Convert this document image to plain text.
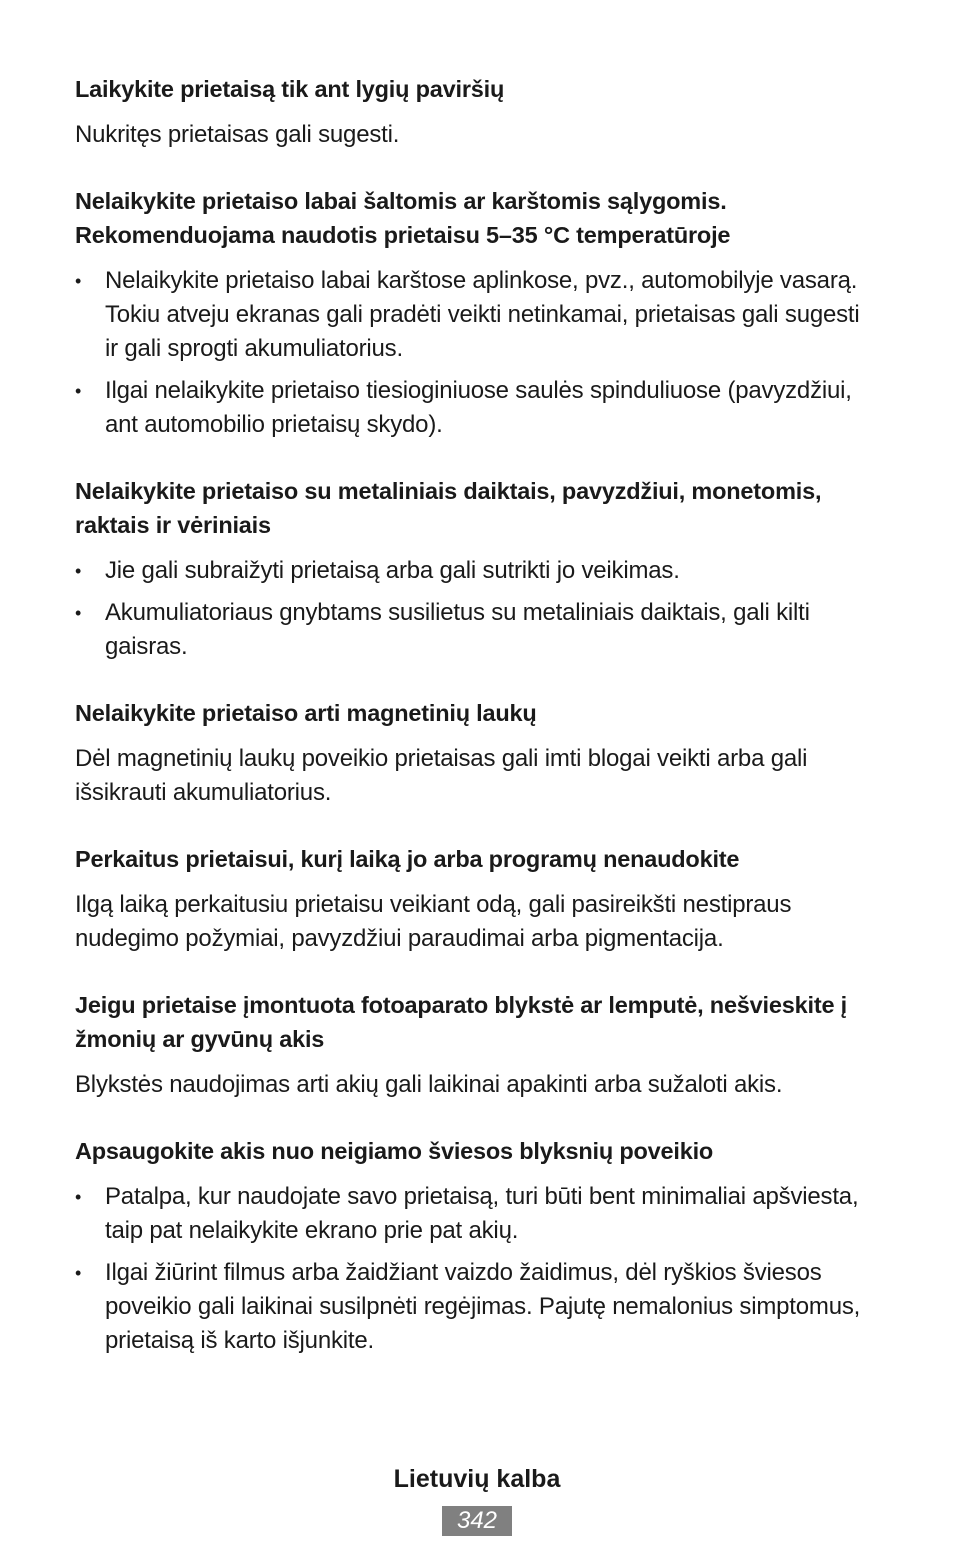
Laikykite prietaisą tik ant lygių paviršių

Nukritęs prietaisas gali sugesti.

Nelaikykite prietaiso labai šaltomis ar karštomis sąlygomis. Rekomenduojama naudotis prietaisu 5–35 °C temperatūroje
• Nelaikykite prietaiso labai karštose aplinkose, pvz., automobilyje vasarą. Tokiu atveju ekranas gali pradėti veikti netinkamai, prietaisas gali sugesti ir gali sprogti akumuliatorius.
• Ilgai nelaikykite prietaiso tiesioginiuose saulės spinduliuose (pavyzdžiui, ant automobilio prietaisų skydo).
Nelaikykite prietaiso su metaliniais daiktais, pavyzdžiui, monetomis, raktais ir vėriniais
• Jie gali subraižyti prietaisą arba gali sutrikti jo veikimas.
• Akumuliatoriaus gnybtams susilietus su metaliniais daiktais, gali kilti gaisras.
Nelaikykite prietaiso arti magnetinių laukų

Dėl magnetinių laukų poveikio prietaisas gali imti blogai veikti arba gali išsikrauti akumuliatorius.

Perkaitus prietaisui, kurį laiką jo arba programų nenaudokite

Ilgą laiką perkaitusiu prietaisu veikiant odą, gali pasireikšti nestipraus nudegimo požymiai, pavyzdžiui paraudimai arba pigmentacija.

Jeigu prietaise įmontuota fotoaparato blykstė ar lemputė, nešvieskite į žmonių ar gyvūnų akis

Blykstės naudojimas arti akių gali laikinai apakinti arba sužaloti akis.

Apsaugokite akis nuo neigiamo šviesos blyksnių poveikio
• Patalpa, kur naudojate savo prietaisą, turi būti bent minimaliai apšviesta, taip pat nelaikykite ekrano prie pat akių.
• Ilgai žiūrint filmus arba žaidžiant vaizdo žaidimus, dėl ryškios šviesos poveikio gali laikinai susilpnėti regėjimas. Pajutę nemalonius simptomus, prietaisą iš karto išjunkite.
Lietuvių kalba
342
